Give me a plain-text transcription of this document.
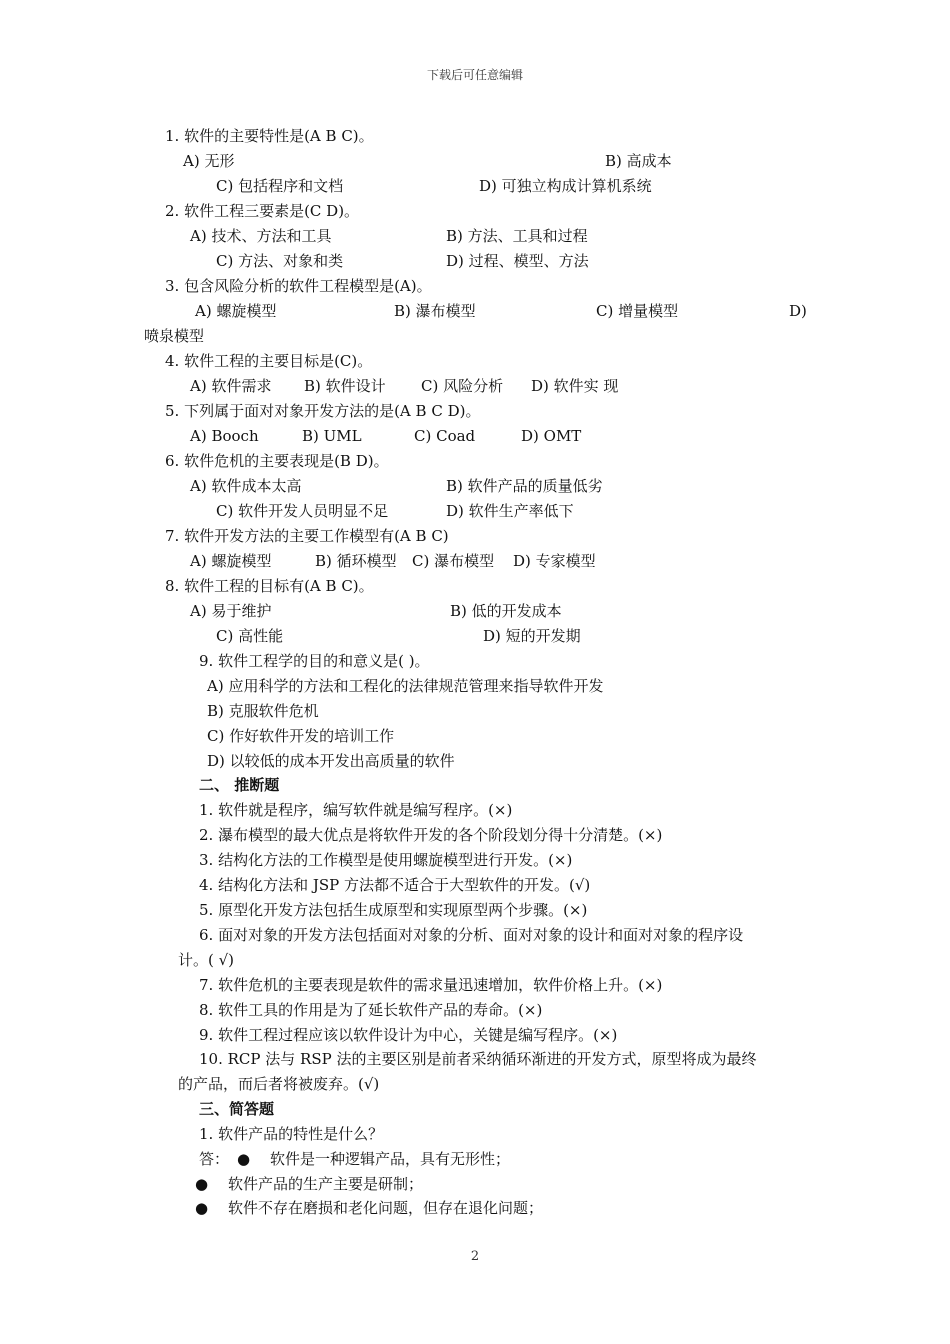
下载后可任意编辑
1. 软件的主要特性是(A B C)。
A) 无形	B) 高成本
C) 包括程序和文档	D) 可独立构成计算机系统
2. 软件工程三要素是(C D)。
A) 技术、方法和工具	B) 方法、工具和过程
C) 方法、对象和类	D) 过程、模型、方法
3. 包含风险分析的软件工程模型是(A)。
A) 螺旋模型	B) 瀑布模型	C) 增量模型	D)
喷泉模型
4. 软件工程的主要目标是(C)。
A) 软件需求 B) 软件设计 C) 风险分析 D) 软件实 现
5. 下列属于面对对象开发方法的是(A B C D)。
A) Booch	B) UML	C) Coad	D) OMT
6. 软件危机的主要表现是(B D)。
A) 软件成本太高	B) 软件产品的质量低劣
C) 软件开发人员明显不足	D) 软件生产率低下
7. 软件开发方法的主要工作模型有(A B C)
A) 螺旋模型	B) 循环模型 C) 瀑布模型 D) 专家模型
8. 软件工程的目标有(A B C)。
A) 易于维护	B) 低的开发成本
C) 高性能	D) 短的开发期
9. 软件工程学的目的和意义是( )。
A) 应用科学的方法和工程化的法律规范管理来指导软件开发
B) 克服软件危机
C) 作好软件开发的培训工作
D) 以较低的成本开发出高质量的软件
二、 推断题
1. 软件就是程序，编写软件就是编写程序。(×)
2. 瀑布模型的最大优点是将软件开发的各个阶段划分得十分清楚。(×)
3. 结构化方法的工作模型是使用螺旋模型进行开发。(×)
4. 结构化方法和 JSP 方法都不适合于大型软件的开发。(√)
5. 原型化开发方法包括生成原型和实现原型两个步骤。(×)
6. 面对对象的开发方法包括面对对象的分析、面对对象的设计和面对对象的程序设
计。( √)
7. 软件危机的主要表现是软件的需求量迅速增加，软件价格上升。(×)
8. 软件工具的作用是为了延长软件产品的寿命。(×)
9. 软件工程过程应该以软件设计为中心，关键是编写程序。(×)
10. RCP 法与 RSP 法的主要区别是前者采纳循环渐进的开发方式，原型将成为最终
的产品，而后者将被废弃。(√)
三、简答题
1. 软件产品的特性是什么？
答： ● 软件是一种逻辑产品，具有无形性；
● 软件产品的生产主要是研制；
● 软件不存在磨损和老化问题，但存在退化问题；
2
